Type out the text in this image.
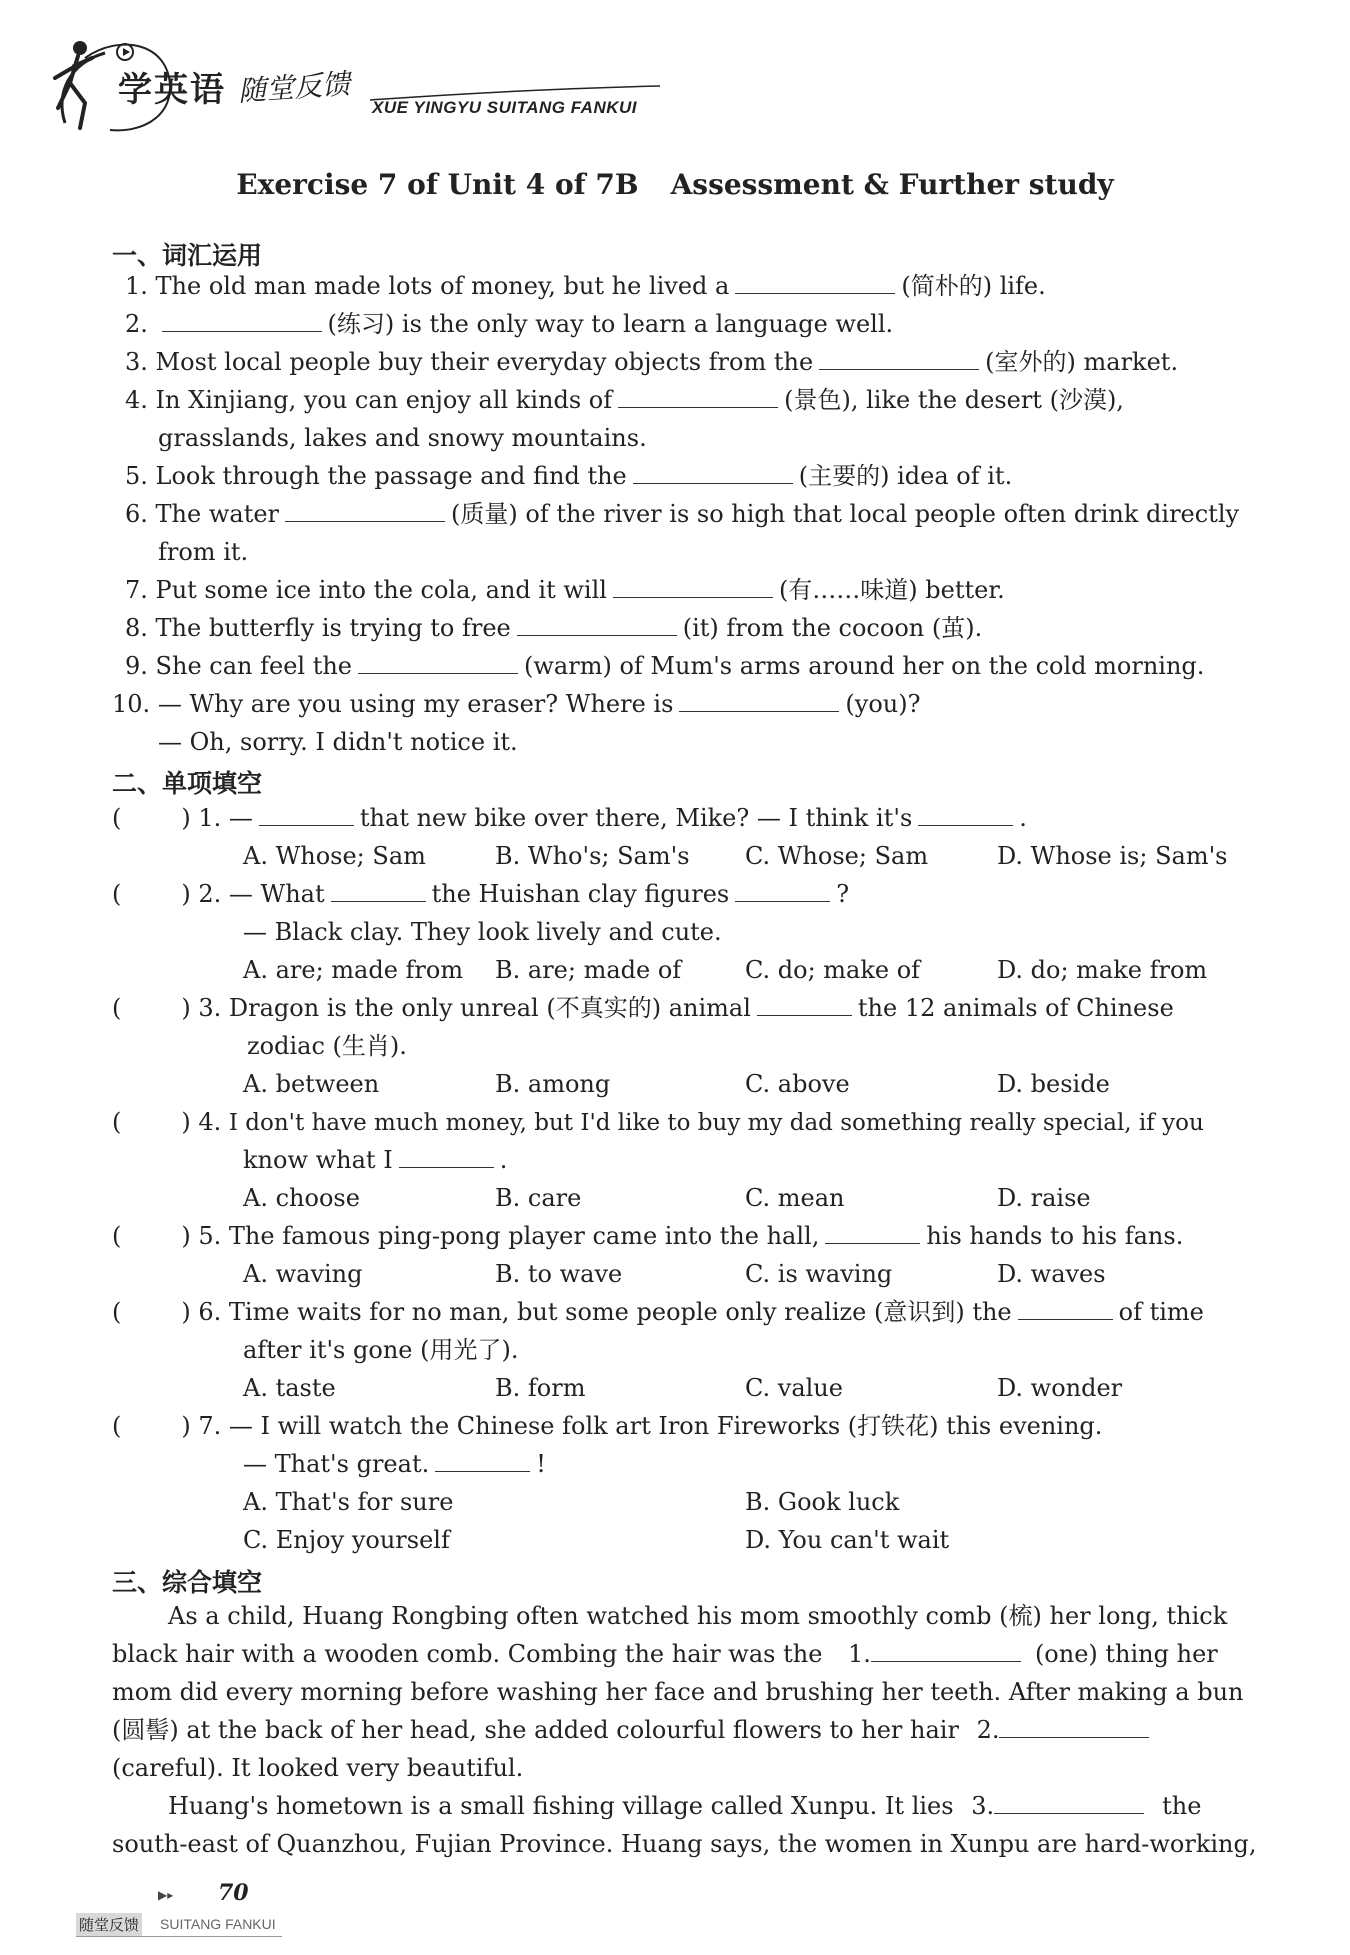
学英语 随堂反馈 XUE YINGYU SUITANG FANKUI
Exercise 7 of Unit 4 of 7B Assessment & Further study
一、词汇运用
1. The old man made lots of money, but he lived a	(简朴的) life.
2.	(练习) is the only way to learn a language well.
3. Most local people buy their everyday objects from the	(室外的) market.
4. In Xinjiang, you can enjoy all kinds of	(景色), like the desert (沙漠),
grasslands, lakes and snowy mountains.
5. Look through the passage and find the	(主要的) idea of it.
6. The water	(质量) of the river is so high that local people often drink directly
from it.
7. Put some ice into the cola, and it will	(有……味道) better.
8. The butterfly is trying to free	(it) from the cocoon (茧).
9. She can feel the	(warm) of Mum's arms around her on the cold morning.
10. — Why are you using my eraser? Where is	(you)?
— Oh, sorry. I didn't notice it.
二、单项填空
(	) 1. —	that new bike over there, Mike? — I think it's	.
A. Whose; Sam	B. Who's; Sam's C. Whose; Sam	D. Whose is; Sam's
(	) 2. — What	the Huishan clay figures	?
— Black clay. They look lively and cute.
A. are; made from B. are; made of	C. do; make of	D. do; make from
(	) 3. Dragon is the only unreal (不真实的) animal	the 12 animals of Chinese
zodiac (生肖).
A. between	B. among	C. above	D. beside
(	) 4. I don't have much money, but I'd like to buy my dad something really special, if you
know what I	.
A. choose	B. care	C. mean	D. raise
(	) 5. The famous ping-pong player came into the hall,	his hands to his fans.
A. waving	B. to wave	C. is waving	D. waves
(	) 6. Time waits for no man, but some people only realize (意识到) the	of time
after it's gone (用光了).
A. taste	B. form	C. value	D. wonder
(	) 7. — I will watch the Chinese folk art Iron Fireworks (打铁花) this evening.
— That's great.	!
A. That's for sure	B. Gook luck
C. Enjoy yourself	D. You can't wait
三、综合填空
As a child, Huang Rongbing often watched his mom smoothly comb (梳) her long, thick
black hair with a wooden comb. Combing the hair was the 1.	(one) thing her
mom did every morning before washing her face and brushing her teeth. After making a bun
(圆髻) at the back of her head, she added colourful flowers to her hair 2.
(careful). It looked very beautiful.
Huang's hometown is a small fishing village called Xunpu. It lies 3.	the
south-east of Quanzhou, Fujian Province. Huang says, the women in Xunpu are hard-working,
▶▸ 70
随堂反馈 SUITANG FANKUI
